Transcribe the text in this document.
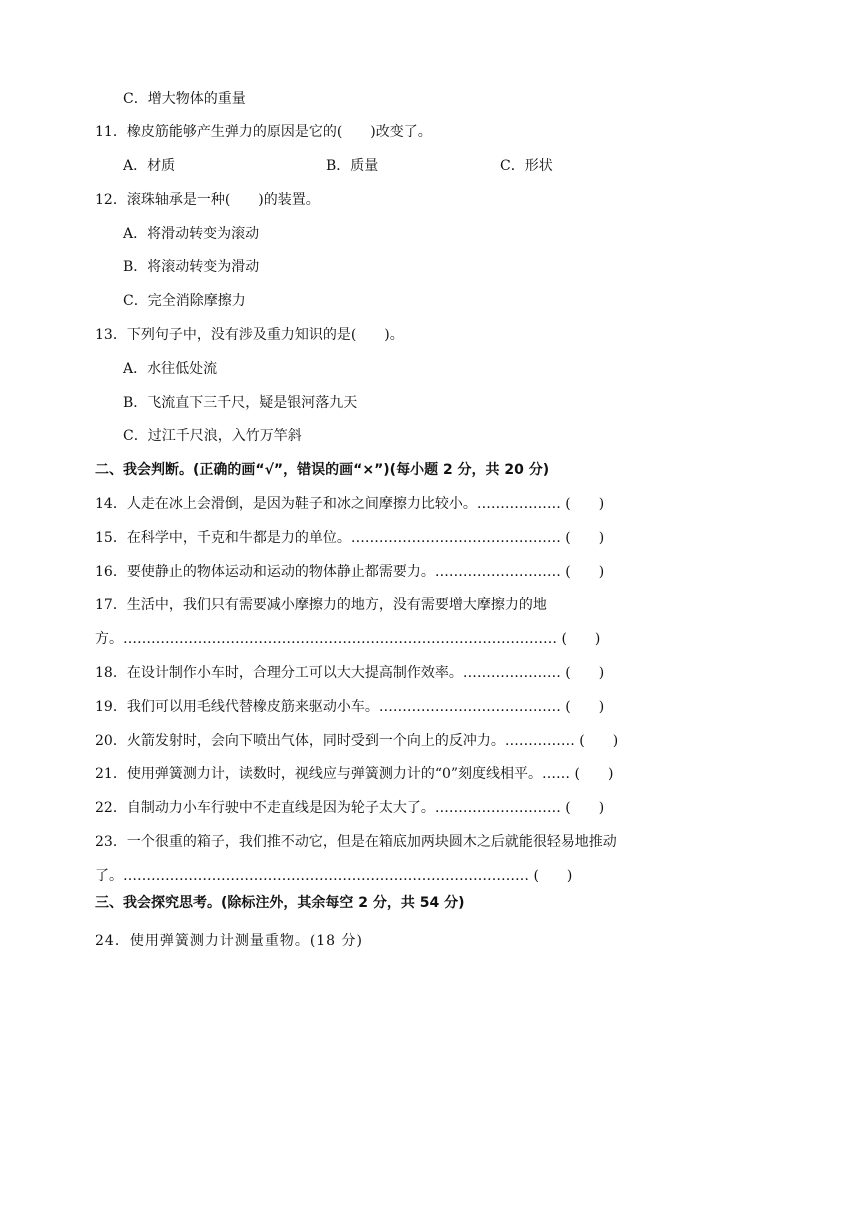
C．增大物体的重量
11．橡皮筋能够产生弹力的原因是它的(　　)改变了。

A．材质

	B．质量

	C．形状

12．滚珠轴承是一种(　　)的装置。
A．将滑动转变为滚动
B．将滚动转变为滑动
C．完全消除摩擦力
13．下列句子中，没有涉及重力知识的是(　　)。
A．水往低处流
B．飞流直下三千尺，疑是银河落九天
C．过江千尺浪，入竹万竿斜
二、我会判断。(正确的画“√”，错误的画“×”)(每小题 2 分，共 20 分)
14．人走在冰上会滑倒，是因为鞋子和冰之间摩擦力比较小。……………… (　　)
15．在科学中，千克和牛都是力的单位。……………………………………… (　　)
16．要使静止的物体运动和运动的物体静止都需要力。……………………… (　　)
17．生活中，我们只有需要减小摩擦力的地方，没有需要增大摩擦力的地
方。………………………………………………………………………………… (　　)
18．在设计制作小车时，合理分工可以大大提高制作效率。………………… (　　)
19．我们可以用毛线代替橡皮筋来驱动小车。………………………………… (　　)
20．火箭发射时，会向下喷出气体，同时受到一个向上的反冲力。…………… (　　)
21．使用弹簧测力计，读数时，视线应与弹簧测力计的“0”刻度线相平。…… (　　)
22．自制动力小车行驶中不走直线是因为轮子太大了。……………………… (　　)
23．一个很重的箱子，我们推不动它，但是在箱底加两块圆木之后就能很轻易地推动
了。…………………………………………………………………………… (　　)
三、我会探究思考。(除标注外，其余每空 2 分，共 54 分)
24．使用弹簧测力计测量重物。(18 分)
